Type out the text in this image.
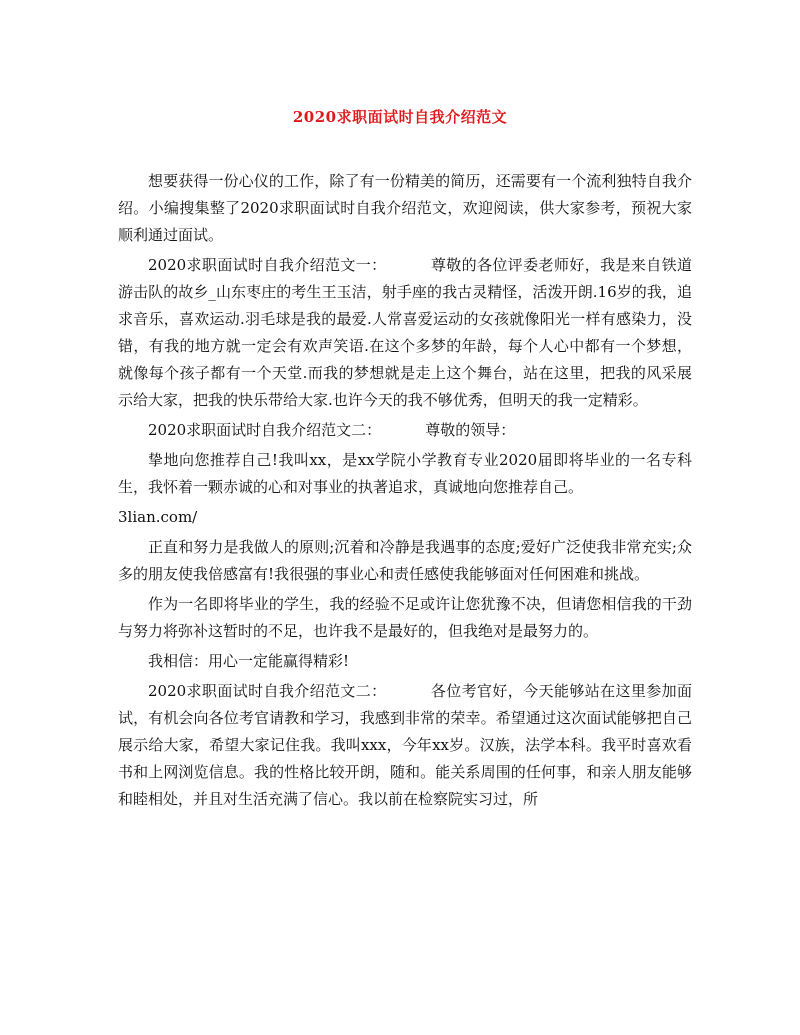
2020求职面试时自我介绍范文

想要获得一份心仪的工作，除了有一份精美的简历，还需要有一个流利独特自我介绍。小编搜集整了2020求职面试时自我介绍范文，欢迎阅读，供大家参考，预祝大家顺利通过面试。

2020求职面试时自我介绍范文一：	尊敬的各位评委老师好，我是来自铁道游击队的故乡_山东枣庄的考生王玉洁，射手座的我古灵精怪，活泼开朗.16岁的我，追求音乐，喜欢运动.羽毛球是我的最爱.人常喜爱运动的女孩就像阳光一样有感染力，没错，有我的地方就一定会有欢声笑语.在这个多梦的年龄，每个人心中都有一个梦想，就像每个孩子都有一个天堂.而我的梦想就是走上这个舞台，站在这里，把我的风采展示给大家，把我的快乐带给大家.也许今天的我不够优秀，但明天的我一定精彩。

2020求职面试时自我介绍范文二：	尊敬的领导：

挚地向您推荐自己!我叫xx，是xx学院小学教育专业2020届即将毕业的一名专科生，我怀着一颗赤诚的心和对事业的执著追求，真诚地向您推荐自己。

3lian.com/

正直和努力是我做人的原则;沉着和冷静是我遇事的态度;爱好广泛使我非常充实;众多的朋友使我倍感富有!我很强的事业心和责任感使我能够面对任何困难和挑战。

作为一名即将毕业的学生，我的经验不足或许让您犹豫不决，但请您相信我的干劲与努力将弥补这暂时的不足，也许我不是最好的，但我绝对是最努力的。

我相信：用心一定能赢得精彩!

2020求职面试时自我介绍范文二：	各位考官好，今天能够站在这里参加面试，有机会向各位考官请教和学习，我感到非常的荣幸。希望通过这次面试能够把自己展示给大家，希望大家记住我。我叫xxx，今年xx岁。汉族，法学本科。我平时喜欢看书和上网浏览信息。我的性格比较开朗，随和。能关系周围的任何事，和亲人朋友能够和睦相处，并且对生活充满了信心。我以前在检察院实习过，所
